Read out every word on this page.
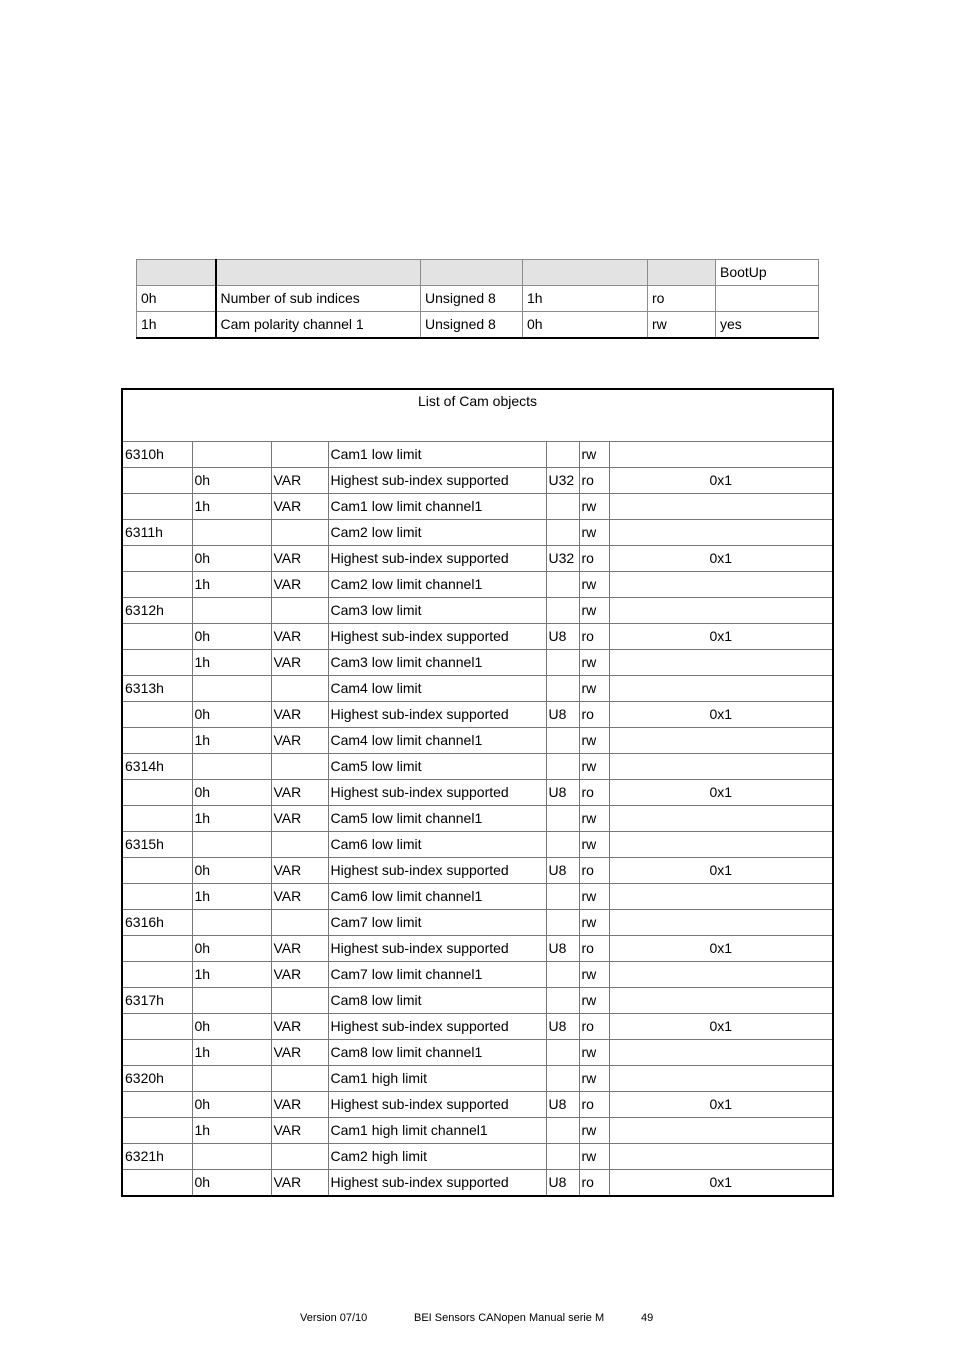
					BootUp
0h	Number of sub indices	Unsigned 8	1h	ro	
1h	Cam polarity channel 1	Unsigned 8	0h	rw	yes
List of Cam objects						
6310h			Cam1 low limit		rw	
	0h	VAR	Highest sub-index supported	U32	ro	0x1
	1h	VAR	Cam1 low limit channel1		rw	
6311h			Cam2 low limit		rw	
	0h	VAR	Highest sub-index supported	U32	ro	0x1
	1h	VAR	Cam2 low limit channel1		rw	
6312h			Cam3 low limit		rw	
	0h	VAR	Highest sub-index supported	U8	ro	0x1
	1h	VAR	Cam3 low limit channel1		rw	
6313h			Cam4 low limit		rw	
	0h	VAR	Highest sub-index supported	U8	ro	0x1
	1h	VAR	Cam4 low limit channel1		rw	
6314h			Cam5 low limit		rw	
	0h	VAR	Highest sub-index supported	U8	ro	0x1
	1h	VAR	Cam5 low limit channel1		rw	
6315h			Cam6 low limit		rw	
	0h	VAR	Highest sub-index supported	U8	ro	0x1
	1h	VAR	Cam6 low limit channel1		rw	
6316h			Cam7 low limit		rw	
	0h	VAR	Highest sub-index supported	U8	ro	0x1
	1h	VAR	Cam7 low limit channel1		rw	
6317h			Cam8 low limit		rw	
	0h	VAR	Highest sub-index supported	U8	ro	0x1
	1h	VAR	Cam8 low limit channel1		rw	
6320h			Cam1 high limit		rw	
	0h	VAR	Highest sub-index supported	U8	ro	0x1
	1h	VAR	Cam1 high limit channel1		rw	
6321h			Cam2 high limit		rw	
	0h	VAR	Highest sub-index supported	U8	ro	0x1
Version 07/10	BEI Sensors CANopen Manual serie M	49
